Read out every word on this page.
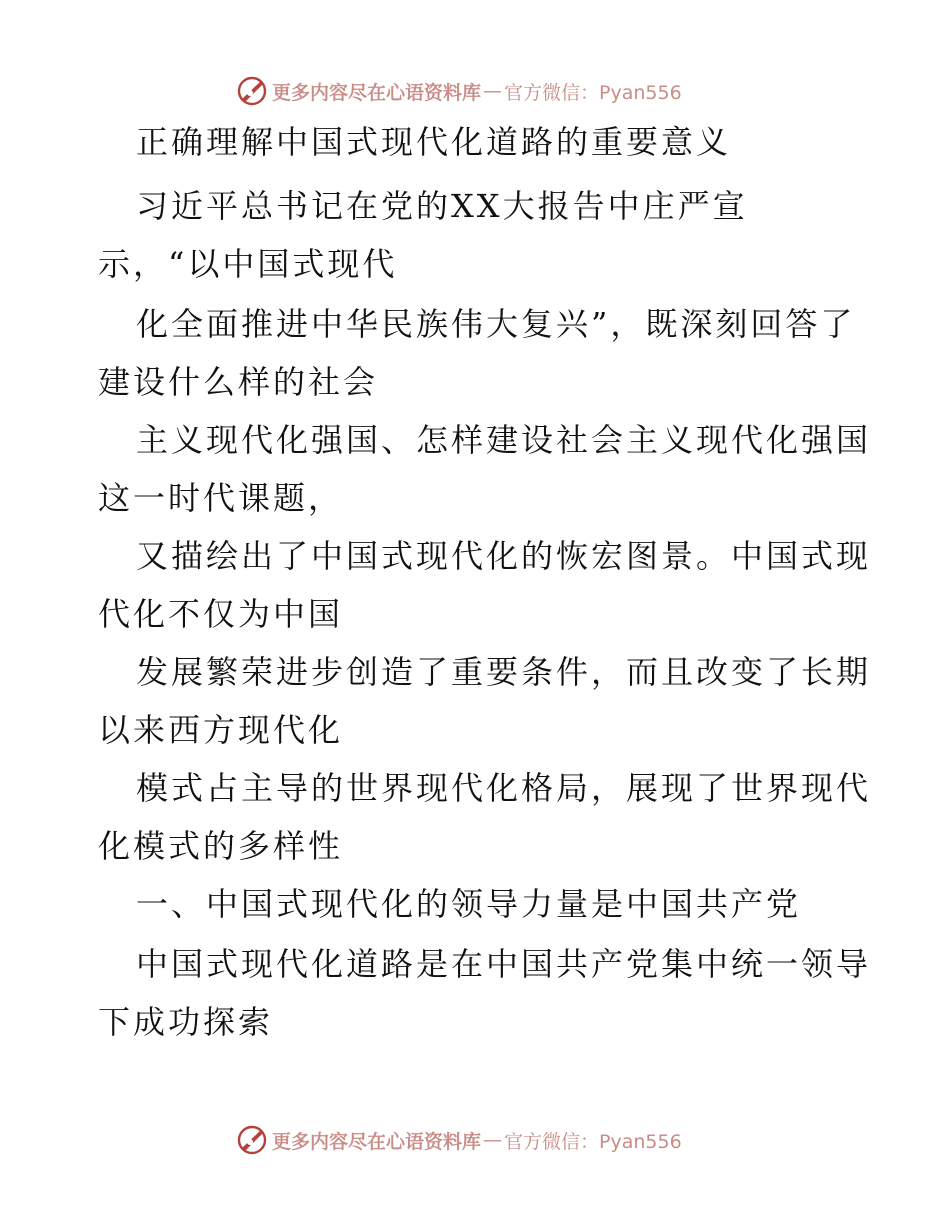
更多内容尽在心语资料库 — 官方微信：Pyan556
正确理解中国式现代化道路的重要意义
习近平总书记在党的XX大报告中庄严宣
示，“以中国式现代
化全面推进中华民族伟大复兴”，既深刻回答了
建设什么样的社会
主义现代化强国、怎样建设社会主义现代化强国
这一时代课题，
又描绘出了中国式现代化的恢宏图景。中国式现
代化不仅为中国
发展繁荣进步创造了重要条件，而且改变了长期
以来西方现代化
模式占主导的世界现代化格局，展现了世界现代
化模式的多样性
一、中国式现代化的领导力量是中国共产党
中国式现代化道路是在中国共产党集中统一领导
下成功探索
更多内容尽在心语资料库 — 官方微信：Pyan556
